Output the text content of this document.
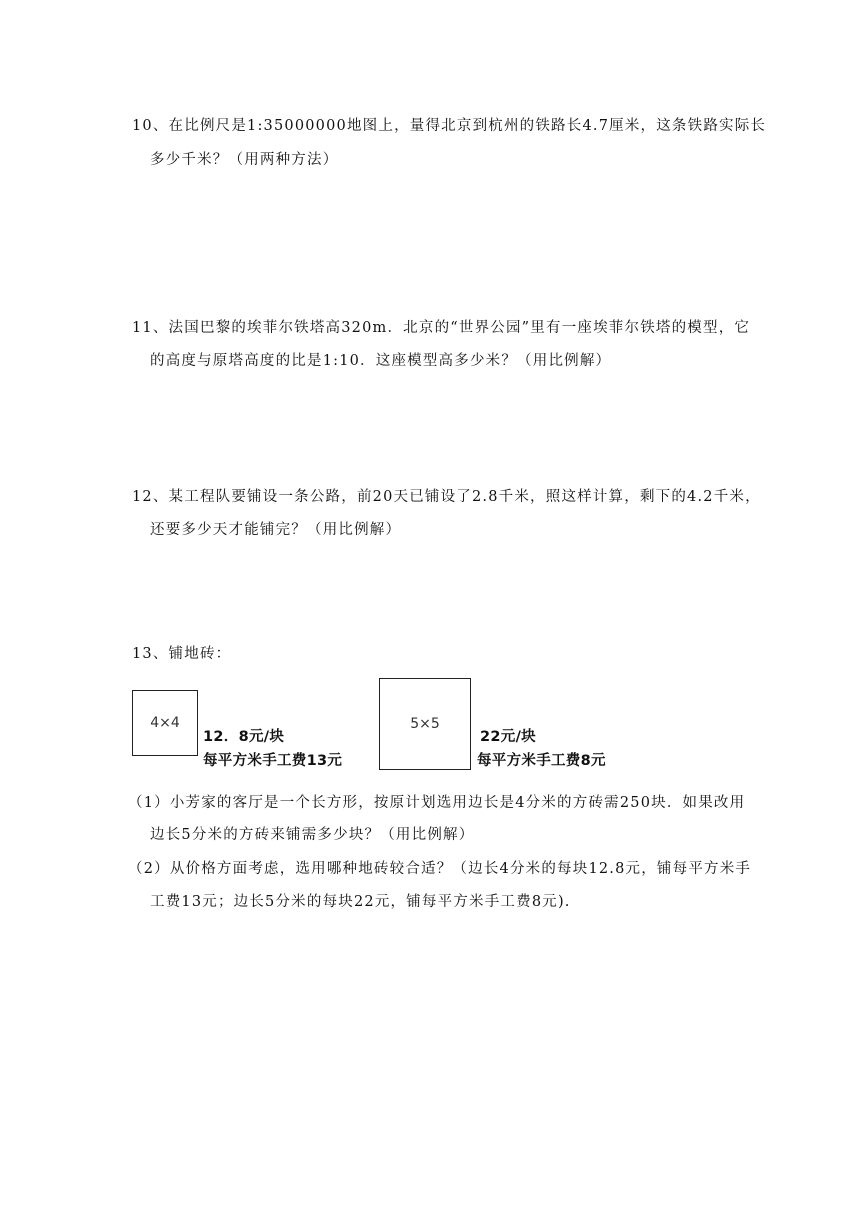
10、在比例尺是1:35000000地图上，量得北京到杭州的铁路长4.7厘米，这条铁路实际长
多少千米？（用两种方法）
11、法国巴黎的埃菲尔铁塔高320m．北京的“世界公园”里有一座埃菲尔铁塔的模型，它
的高度与原塔高度的比是1:10．这座模型高多少米？（用比例解）
12、某工程队要铺设一条公路，前20天已铺设了2.8千米，照这样计算，剩下的4.2千米，
还要多少天才能铺完？（用比例解）
13、铺地砖：
4×4
12．8元/块
每平方米手工费13元
5×5
22元/块
每平方米手工费8元
（1）小芳家的客厅是一个长方形，按原计划选用边长是4分米的方砖需250块．如果改用
边长5分米的方砖来铺需多少块？（用比例解）
（2）从价格方面考虑，选用哪种地砖较合适？（边长4分米的每块12.8元，铺每平方米手
工费13元；边长5分米的每块22元，铺每平方米手工费8元).
